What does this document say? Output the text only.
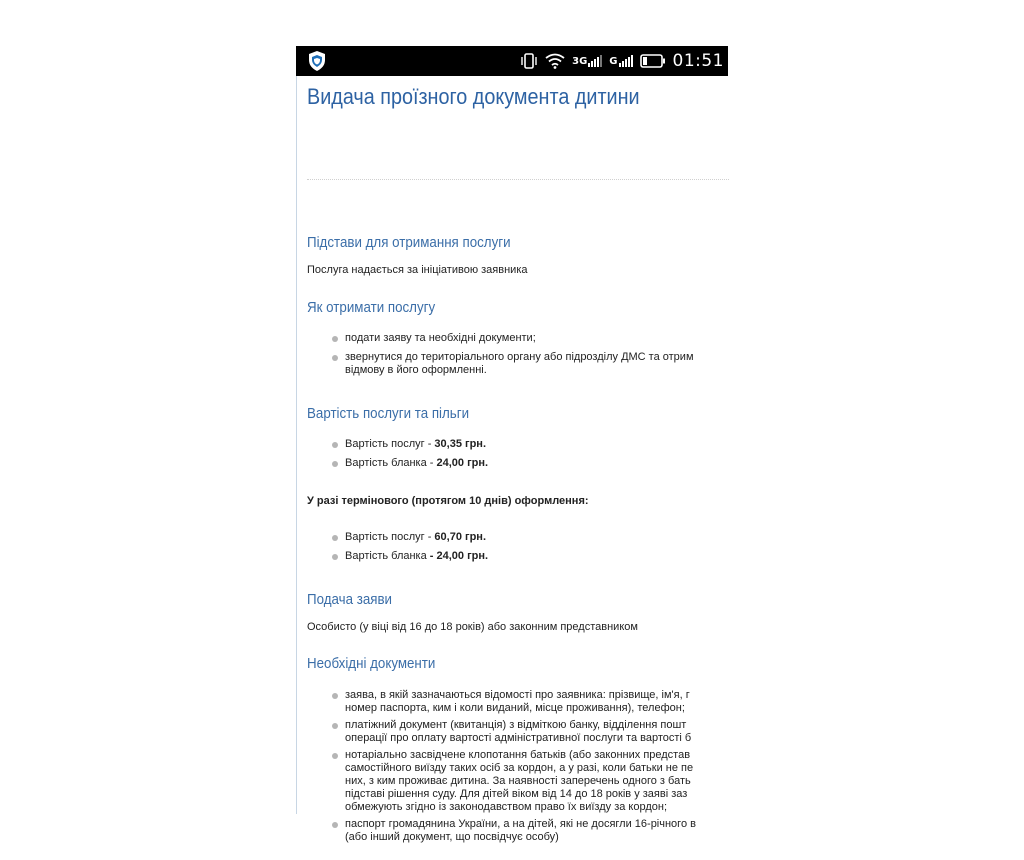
3G G	01:51
Видача проїзного документа дитини
Підстави для отримання послуги
Послуга надається за ініціативою заявника
Як отримати послугу
подати заяву та необхідні документи;
звернутися до територіального органу або підрозділу ДМС та отрим
відмову в його оформленні.
Вартість послуги та пільги
Вартість послуг - 30,35 грн.
Вартість бланка - 24,00 грн.
У разі термінового (протягом 10 днів) оформлення:
Вартість послуг - 60,70 грн.
Вартість бланка - 24,00 грн.
Подача заяви
Особисто (у віці від 16 до 18 років) або законним представником
Необхідні документи
заява, в якій зазначаються відомості про заявника: прізвище, ім'я, г
номер паспорта, ким і коли виданий, місце проживання), телефон;
платіжний документ (квитанція) з відміткою банку, відділення пошт
операції про оплату вартості адміністративної послуги та вартості б
нотаріально засвідчене клопотання батьків (або законних представ
самостійного виїзду таких осіб за кордон, а у разі, коли батьки не пе
них, з ким проживає дитина. За наявності заперечень одного з бать
підставі рішення суду. Для дітей віком від 14 до 18 років у заяві заз
обмежують згідно із законодавством право їх виїзду за кордон;
паспорт громадянина України, а на дітей, які не досягли 16-річного в
(або інший документ, що посвідчує особу)
